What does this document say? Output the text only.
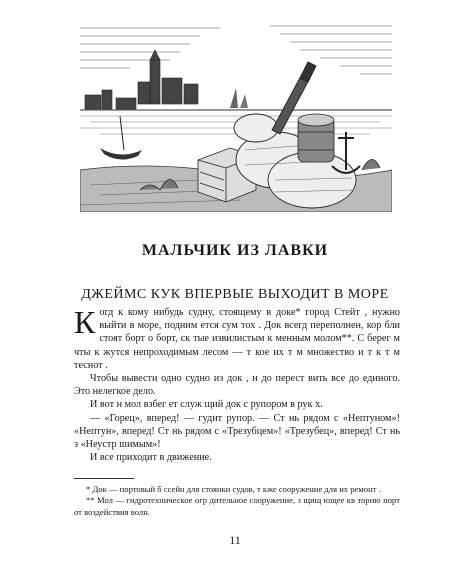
МАЛЬЧИК ИЗ ЛАВКИ
ДЖЕЙМС КУК ВПЕРВЫЕ ВЫХОДИТ В МОРЕ

Когд к кому нибудь судну, стоящему в доке* город Стейт , нужно выйти в море, подним ется сум тох . Док всегд переполнен, кор бли стоят борт о борт, ск тые извилистым к менным молом**. С берег м чты к жутся непроходимым лесом — т кое их т м множество и т к т м теснот .

Чтобы вывести одно судно из док , н до перест вить все до единого. Это нелегкое дело.

И вот н мол взбег ет служ щий док с рупором в рук х.

— «Горец», вперед! — гудит рупор. — Ст нь рядом с «Нептуном»! «Нептун», вперед! Ст нь рядом с «Трезубцем»! «Трезубец», вперед! Ст нь з «Неустр шимым»!

И все приходит в движение.

* Док — портовый б ссейн для стоянки судов, т кже сооружение для их ремонт .

** Мол — гидротехническое огр дительное сооружение, з щищ ющее кв торию порт от воздействия волн.

11
